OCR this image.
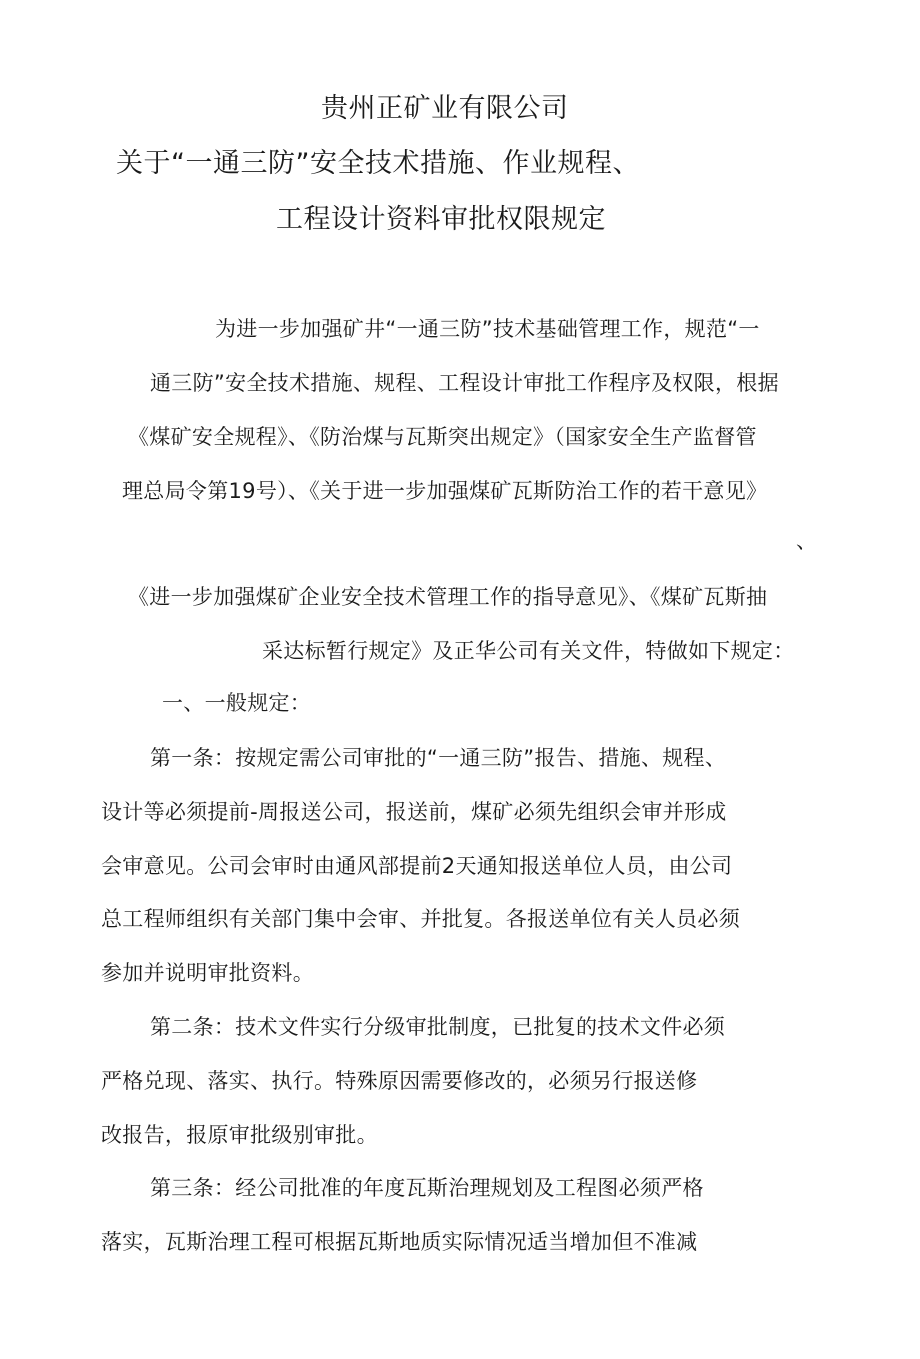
贵州正矿业有限公司
关于“一通三防”安全技术措施、作业规程、
工程设计资料审批权限规定
为进一步加强矿井“一通三防”技术基础管理工作，规范“一
通三防”安全技术措施、规程、工程设计审批工作程序及权限，根据
《煤矿安全规程》、《防治煤与瓦斯突出规定》（国家安全生产监督管
理总局令第19号）、《关于进一步加强煤矿瓦斯防治工作的若干意见》
、
《进一步加强煤矿企业安全技术管理工作的指导意见》、《煤矿瓦斯抽
采达标暂行规定》及正华公司有关文件，特做如下规定：
一、一般规定：
第一条：按规定需公司审批的“一通三防”报告、措施、规程、
设计等必须提前-周报送公司，报送前，煤矿必须先组织会审并形成
会审意见。公司会审时由通风部提前2天通知报送单位人员，由公司
总工程师组织有关部门集中会审、并批复。各报送单位有关人员必须
参加并说明审批资料。
第二条：技术文件实行分级审批制度，已批复的技术文件必须
严格兑现、落实、执行。特殊原因需要修改的，必须另行报送修
改报告，报原审批级别审批。
第三条：经公司批准的年度瓦斯治理规划及工程图必须严格
落实，瓦斯治理工程可根据瓦斯地质实际情况适当增加但不准减
